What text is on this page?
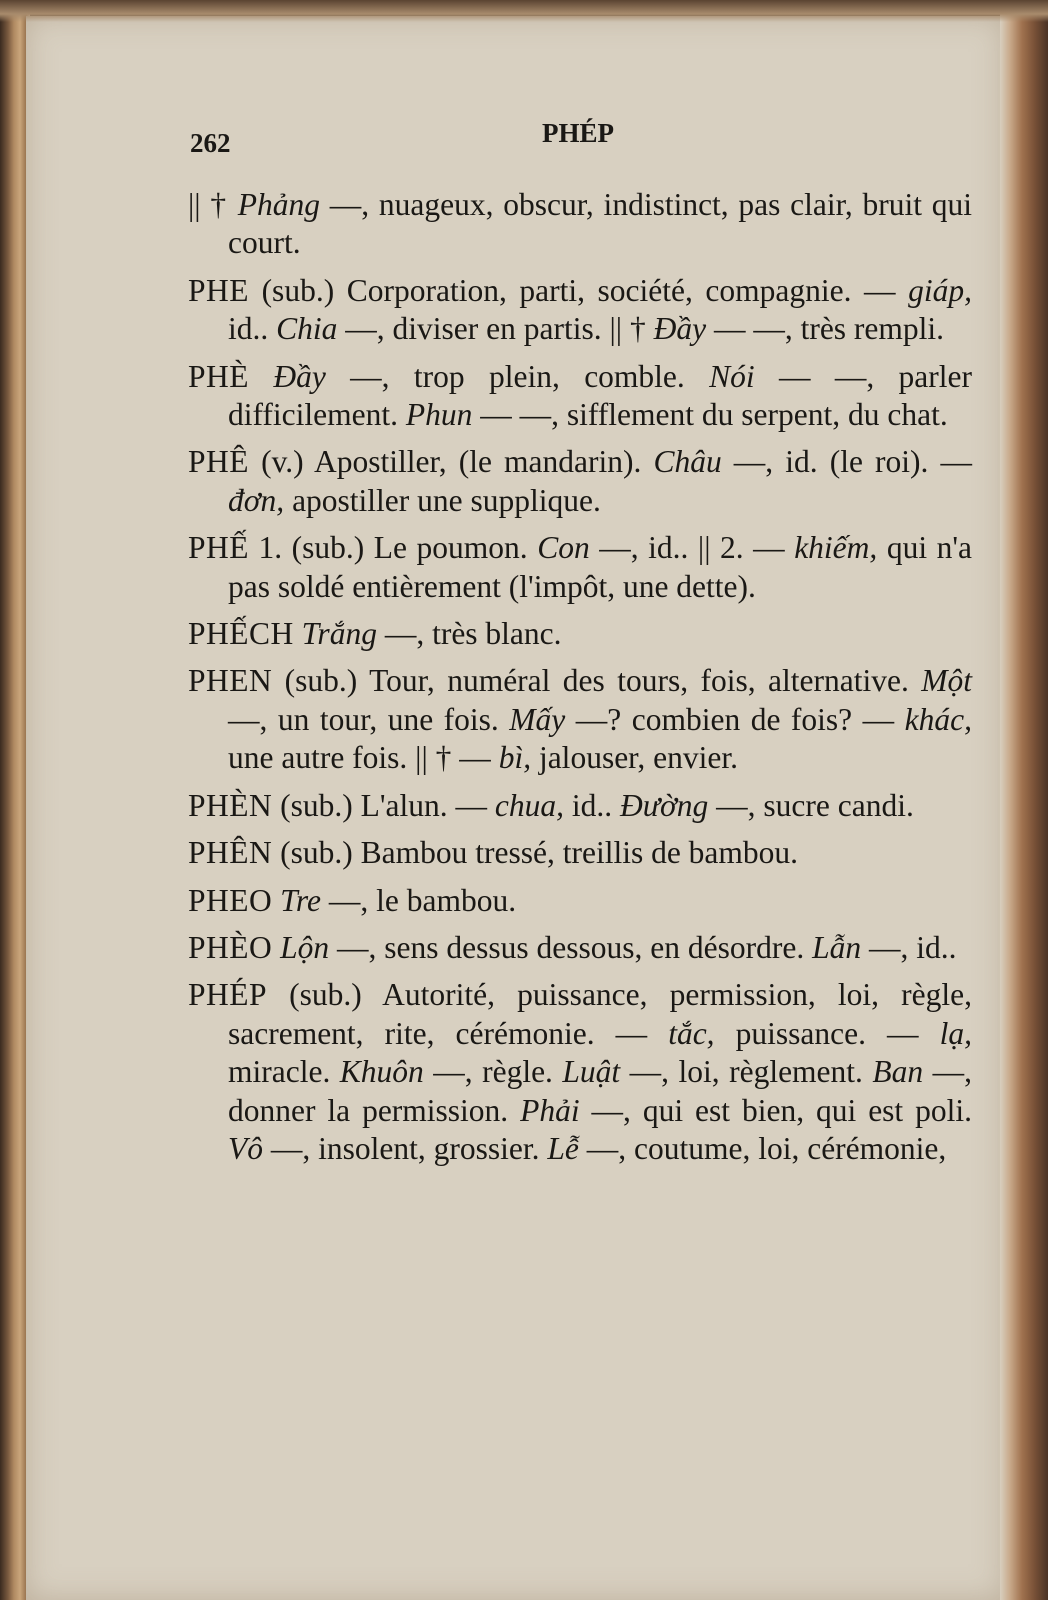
262	PHÉP

|| † Phảng —, nuageux, obscur, indistinct, pas clair, bruit qui court.

PHE (sub.) Corporation, parti, société, compagnie. — giáp, id.. Chia —, diviser en partis. || † Đầy — —, très rempli.

PHÈ Đầy —, trop plein, comble. Nói — —, parler difficilement. Phun — —, sifflement du serpent, du chat.

PHÊ (v.) Apostiller, (le mandarin). Châu —, id. (le roi). — đơn, apostiller une supplique.

PHẾ 1. (sub.) Le poumon. Con —, id.. || 2. — khiếm, qui n'a pas soldé entièrement (l'impôt, une dette).

PHẾCH Trắng —, très blanc.

PHEN (sub.) Tour, numéral des tours, fois, alternative. Một —, un tour, une fois. Mấy —? combien de fois? — khác, une autre fois. || † — bì, jalouser, envier.

PHÈN (sub.) L'alun. — chua, id.. Đường —, sucre candi.

PHÊN (sub.) Bambou tressé, treillis de bambou.

PHEO Tre —, le bambou.

PHÈO Lộn —, sens dessus dessous, en désordre. Lẫn —, id..

PHÉP (sub.) Autorité, puissance, permission, loi, règle, sacrement, rite, cérémonie. — tắc, puissance. — lạ, miracle. Khuôn —, règle. Luật —, loi, règlement. Ban —, donner la permission. Phải —, qui est bien, qui est poli. Vô —, insolent, grossier. Lễ —, coutume, loi, cérémonie,
